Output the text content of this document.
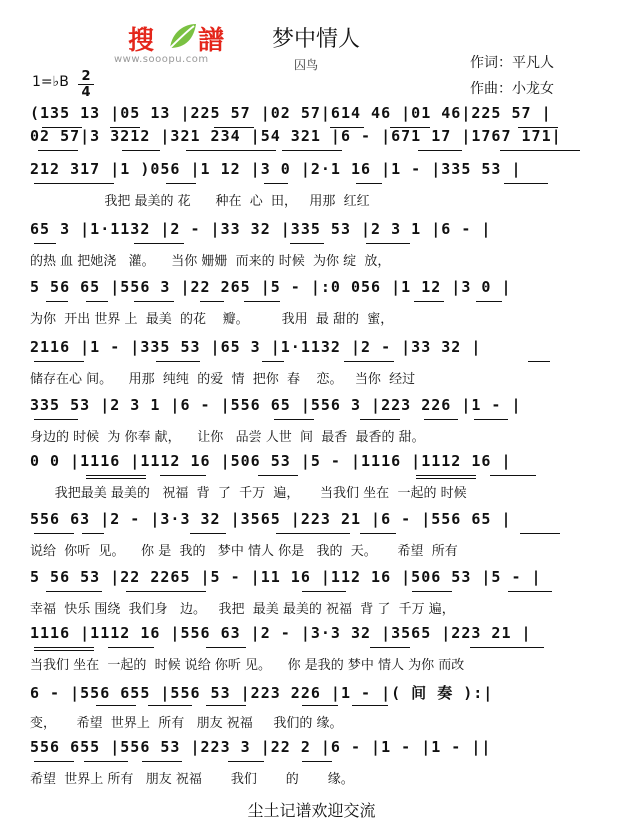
搜 譜
www.sooopu.com
梦中情人
囚鸟	作词：平凡人
作曲：小龙女
1=♭B 2
4
(135 13 |05 13 |225 57 |02 57|614 46 |01 46|225 57 |
02 57|3 3212 |321 234 |54 321 |6 - |671 17 |1767 171|
212 317 |1 )056 |1 12 |3 0 |2·1 16 |1 - |335 53 |
我把 最美的 花      种在  心  田，   用那  红红
65 3 |1·1132 |2 - |33 32 |335 53 |2 3 1 |6 - |
的热 血 把她浇   灌。    当你 姗姗  而来的 时候  为你 绽  放，
5 56 65 |556 3 |22 265 |5 - |:0 056 |1 12 |3 0 |
为你  开出 世界 上  最美  的花    瓣。        我用  最 甜的  蜜，
2116 |1 - |335 53 |65 3 |1·1132 |2 - |33 32 |
储存在心 间。    用那  纯纯  的爱  情  把你  春    恋。   当你  经过
335 53 |2 3 1 |6 - |556 65 |556 3 |223 226 |1 - |
身边的 时候  为 你奉 献，    让你   品尝 人世  间  最香  最香的 甜。
0 0 |1116 |1112 16 |506 53 |5 - |1116 |1112 16 |
我把最美 最美的   祝福  背  了  千万  遍，     当我们 坐在  一起的 时候
556 63 |2 - |3·3 32 |3565 |223 21 |6 - |556 65 |
说给  你听  见。    你 是  我的   梦中 情人 你是   我的  天。     希望  所有
5 56 53 |22 2265 |5 - |11 16 |112 16 |506 53 |5 - |
幸福  快乐 围绕  我们身   边。   我把  最美 最美的 祝福  背 了  千万 遍，
1116 |1112 16 |556 63 |2 - |3·3 32 |3565 |223 21 |
当我们 坐在  一起的  时候 说给 你听 见。    你 是我的 梦中 情人 为你 而改
6 - |556 655 |556 53 |223 226 |1 - |( 间 奏 ):|
变，     希望  世界上  所有   朋友 祝福     我们的 缘。
556 655 |556 53 |223 3 |22 2 |6 - |1 - |1 - ||
希望  世界上 所有   朋友 祝福       我们       的       缘。
尘土记谱欢迎交流
